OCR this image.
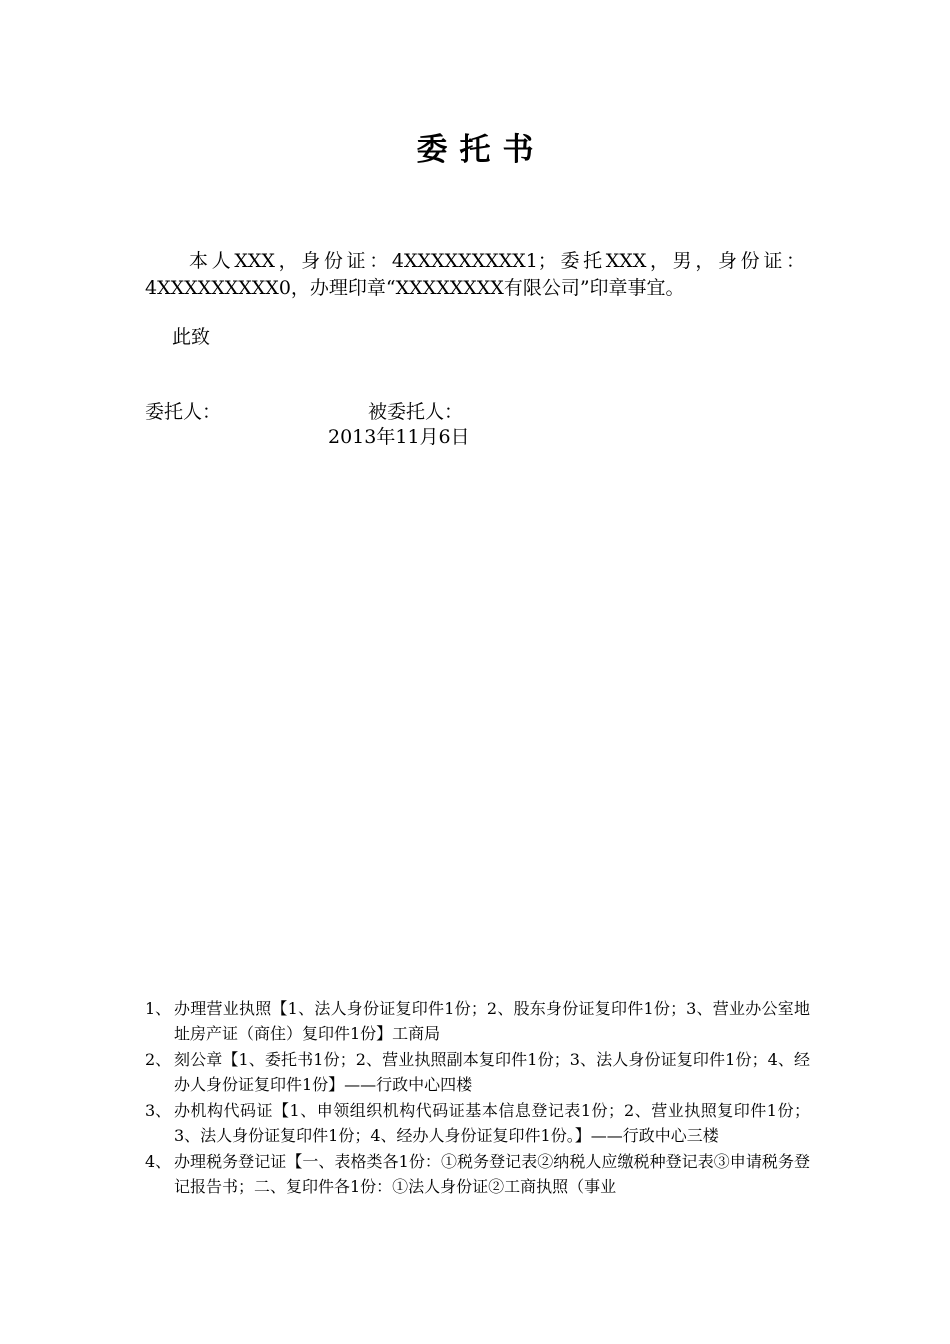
委托书
本人XXX，身份证：4XXXXXXXXX1；委托XXX，男，身份证：4XXXXXXXXX0，办理印章“XXXXXXXX有限公司”印章事宜。
此致
委托人：	被委托人：
2013年11月6日
1、 办理营业执照【1、法人身份证复印件1份；2、股东身份证复印件1份；3、营业办公室地址房产证（商住）复印件1份】工商局
2、 刻公章【1、委托书1份；2、营业执照副本复印件1份；3、法人身份证复印件1份；4、经办人身份证复印件1份】——行政中心四楼
3、 办机构代码证【1、申领组织机构代码证基本信息登记表1份；2、营业执照复印件1份；3、法人身份证复印件1份；4、经办人身份证复印件1份。】——行政中心三楼
4、 办理税务登记证【一、表格类各1份：①税务登记表②纳税人应缴税种登记表③申请税务登记报告书；二、复印件各1份：①法人身份证②工商执照（事业
